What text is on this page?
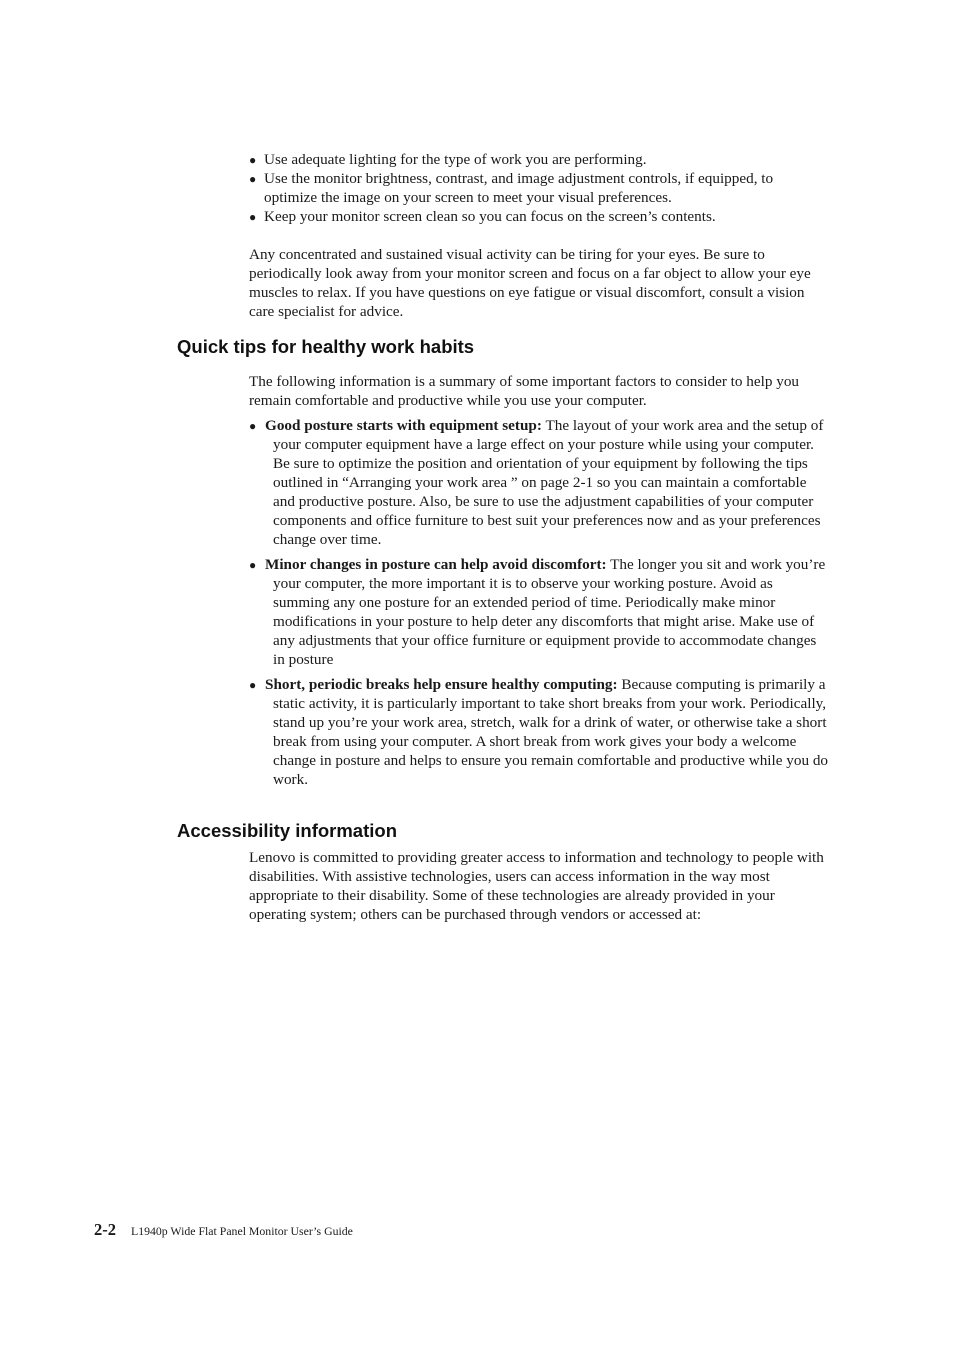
● Use adequate lighting for the type of work you are performing.
● Use the monitor brightness, contrast, and image adjustment controls, if equipped, to optimize the image on your screen to meet your visual preferences.
● Keep your monitor screen clean so you can focus on the screen’s contents.

Any concentrated and sustained visual activity can be tiring for your eyes. Be sure to periodically look away from your monitor screen and focus on a far object to allow your eye muscles to relax. If you have questions on eye fatigue or visual discomfort, consult a vision care specialist for advice.

Quick tips for healthy work habits

The following information is a summary of some important factors to consider to help you remain comfortable and productive while you use your computer.

● Good posture starts with equipment setup: The layout of your work area and the setup of your computer equipment have a large effect on your posture while using your computer. Be sure to optimize the position and orientation of your equipment by following the tips outlined in “Arranging your work area ” on page 2-1 so you can maintain a comfortable and productive posture. Also, be sure to use the adjustment capabilities of your computer components and office furniture to best suit your preferences now and as your preferences change over time.
● Minor changes in posture can help avoid discomfort: The longer you sit and work you’re your computer, the more important it is to observe your working posture. Avoid as summing any one posture for an extended period of time. Periodically make minor modifications in your posture to help deter any discomforts that might arise. Make use of any adjustments that your office furniture or equipment provide to accommodate changes in posture
● Short, periodic breaks help ensure healthy computing: Because computing is primarily a static activity, it is particularly important to take short breaks from your work. Periodically, stand up you’re your work area, stretch, walk for a drink of water, or otherwise take a short break from using your computer. A short break from work gives your body a welcome change in posture and helps to ensure you remain comfortable and productive while you do work.
Accessibility information

Lenovo is committed to providing greater access to information and technology to people with disabilities. With assistive technologies, users can access information in the way most appropriate to their disability. Some of these technologies are already provided in your operating system; others can be purchased through vendors or accessed at:

2-2 L1940p Wide Flat Panel Monitor User’s Guide
